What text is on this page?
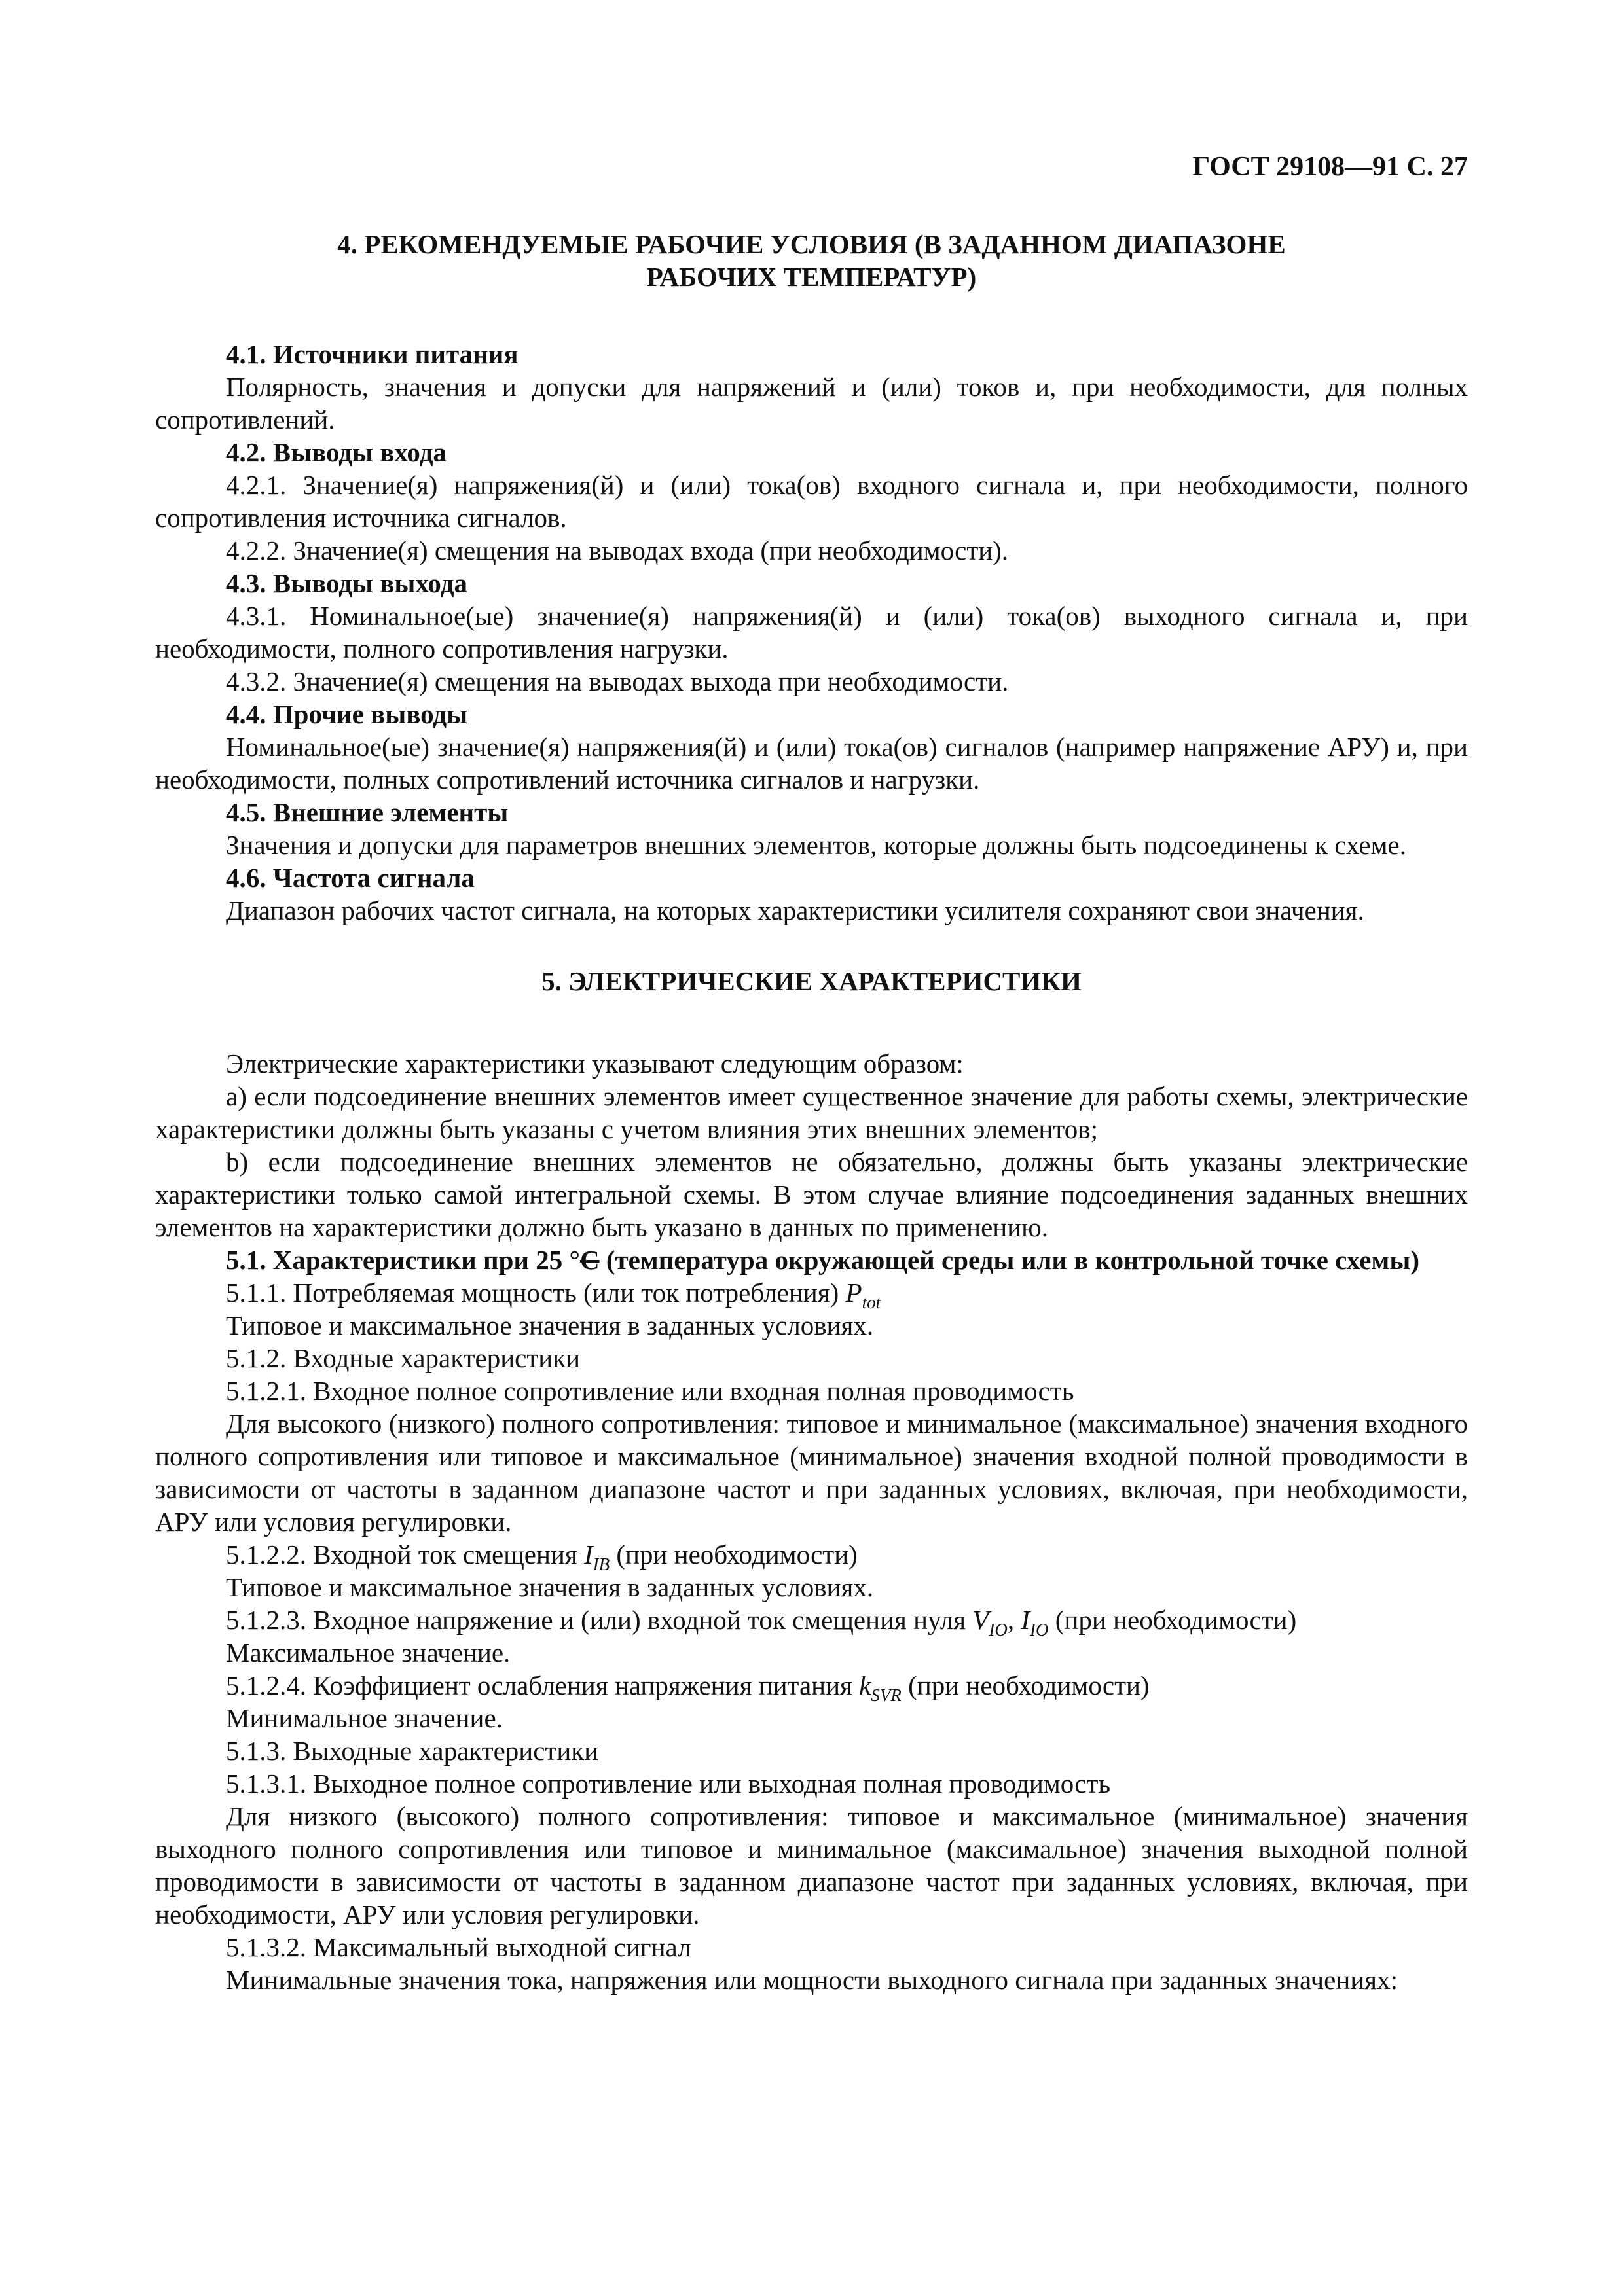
ГОСТ 29108—91 С. 27
4. РЕКОМЕНДУЕМЫЕ РАБОЧИЕ УСЛОВИЯ (В ЗАДАННОМ ДИАПАЗОНЕ
РАБОЧИХ ТЕМПЕРАТУР)
4.1. Источники питания

Полярность, значения и допуски для напряжений и (или) токов и, при необходимости, для полных сопротивлений.

4.2. Выводы входа

4.2.1. Значение(я) напряжения(й) и (или) тока(ов) входного сигнала и, при необходимости, полного сопротивления источника сигналов.

4.2.2. Значение(я) смещения на выводах входа (при необходимости).

4.3. Выводы выхода

4.3.1. Номинальное(ые) значение(я) напряжения(й) и (или) тока(ов) выходного сигнала и, при необходимости, полного сопротивления нагрузки.

4.3.2. Значение(я) смещения на выводах выхода при необходимости.

4.4. Прочие выводы

Номинальное(ые) значение(я) напряжения(й) и (или) тока(ов) сигналов (например напряжение АРУ) и, при необходимости, полных сопротивлений источника сигналов и нагрузки.

4.5. Внешние элементы

Значения и допуски для параметров внешних элементов, которые должны быть подсоединены к схеме.

4.6. Частота сигнала

Диапазон рабочих частот сигнала, на которых характеристики усилителя сохраняют свои значения.

5. ЭЛЕКТРИЧЕСКИЕ ХАРАКТЕРИСТИКИ

Электрические характеристики указывают следующим образом:

а) если подсоединение внешних элементов имеет существенное значение для работы схемы, электрические характеристики должны быть указаны с учетом влияния этих внешних элементов;

b) если подсоединение внешних элементов не обязательно, должны быть указаны электрические характеристики только самой интегральной схемы. В этом случае влияние подсоединения заданных внешних элементов на характеристики должно быть указано в данных по применению.

5.1. Характеристики при 25 °С (температура окружающей среды или в контрольной точке схемы)

5.1.1. Потребляемая мощность (или ток потребления) $P_{tot}$

Типовое и максимальное значения в заданных условиях.

5.1.2. Входные характеристики

5.1.2.1. Входное полное сопротивление или входная полная проводимость

Для высокого (низкого) полного сопротивления: типовое и минимальное (максимальное) значения входного полного сопротивления или типовое и максимальное (минимальное) значения входной полной проводимости в зависимости от частоты в заданном диапазоне частот и при заданных условиях, включая, при необходимости, АРУ или условия регулировки.

5.1.2.2. Входной ток смещения $I_{IB}$ (при необходимости)

Типовое и максимальное значения в заданных условиях.

5.1.2.3. Входное напряжение и (или) входной ток смещения нуля $V_{IO}$, $I_{IO}$ (при необходимости)

Максимальное значение.

5.1.2.4. Коэффициент ослабления напряжения питания $k_{SVR}$ (при необходимости)

Минимальное значение.

5.1.3. Выходные характеристики

5.1.3.1. Выходное полное сопротивление или выходная полная проводимость

Для низкого (высокого) полного сопротивления: типовое и максимальное (минимальное) значения выходного полного сопротивления или типовое и минимальное (максимальное) значения выходной полной проводимости в зависимости от частоты в заданном диапазоне частот при заданных условиях, включая, при необходимости, АРУ или условия регулировки.

5.1.3.2. Максимальный выходной сигнал

Минимальные значения тока, напряжения или мощности выходного сигнала при заданных значениях:
